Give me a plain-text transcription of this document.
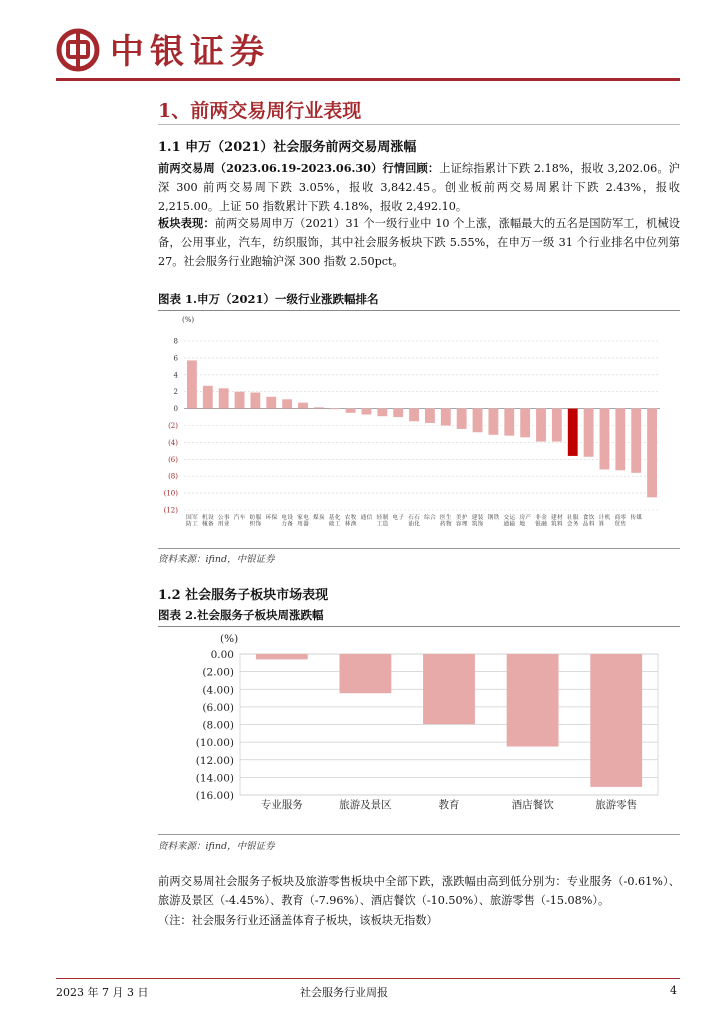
中银证券
1、前两交易周行业表现
1.1 申万（2021）社会服务前两交易周涨幅
前两交易周（2023.06.19-2023.06.30）行情回顾：上证综指累计下跌 2.18%，报收 3,202.06。沪深 300 前两交易周下跌 3.05%，报收 3,842.45。创业板前两交易周累计下跌 2.43%，报收 2,215.00。上证 50 指数累计下跌 4.18%，报收 2,492.10。
板块表现：前两交易周申万（2021）31 个一级行业中 10 个上涨，涨幅最大的五名是国防军工，机械设备，公用事业，汽车，纺织服饰，其中社会服务板块下跌 5.55%，在申万一级 31 个行业排名中位列第 27。社会服务行业跑输沪深 300 指数 2.50pct。
图表 1.申万（2021）一级行业涨跌幅排名
(%)
8
6
4
2
0
(2)
(4)
(6)
(8)
(10)
(12)
国防军工
机械设备
公用事业
汽车 纺织服饰
环保 电力设备
家用电器
煤炭 基础化工
农林牧渔
通信 轻工制造
电子 石油石化
综合 医药生物
美容护理
建筑装饰
钢铁 交通运输
房地产 非银金融
建筑材料
社会服务
食品饮料
计算机 商贸零售
传媒
资料来源：ifind，中银证券
1.2 社会服务子板块市场表现
图表 2.社会服务子板块周涨跌幅
(%)
0.00
(2.00)
(4.00)
(6.00)
(8.00)
(10.00)
(12.00)
(14.00)
(16.00)
专业服务	旅游及景区	教育	酒店餐饮	旅游零售
资料来源：ifind，中银证券
前两交易周社会服务子板块及旅游零售板块中全部下跌，涨跌幅由高到低分别为：专业服务（-0.61%）、旅游及景区（-4.45%）、教育（-7.96%）、酒店餐饮（-10.50%）、旅游零售（-15.08%）。
（注：社会服务行业还涵盖体育子板块，该板块无指数）
2023 年 7 月 3 日	社会服务行业周报	4
